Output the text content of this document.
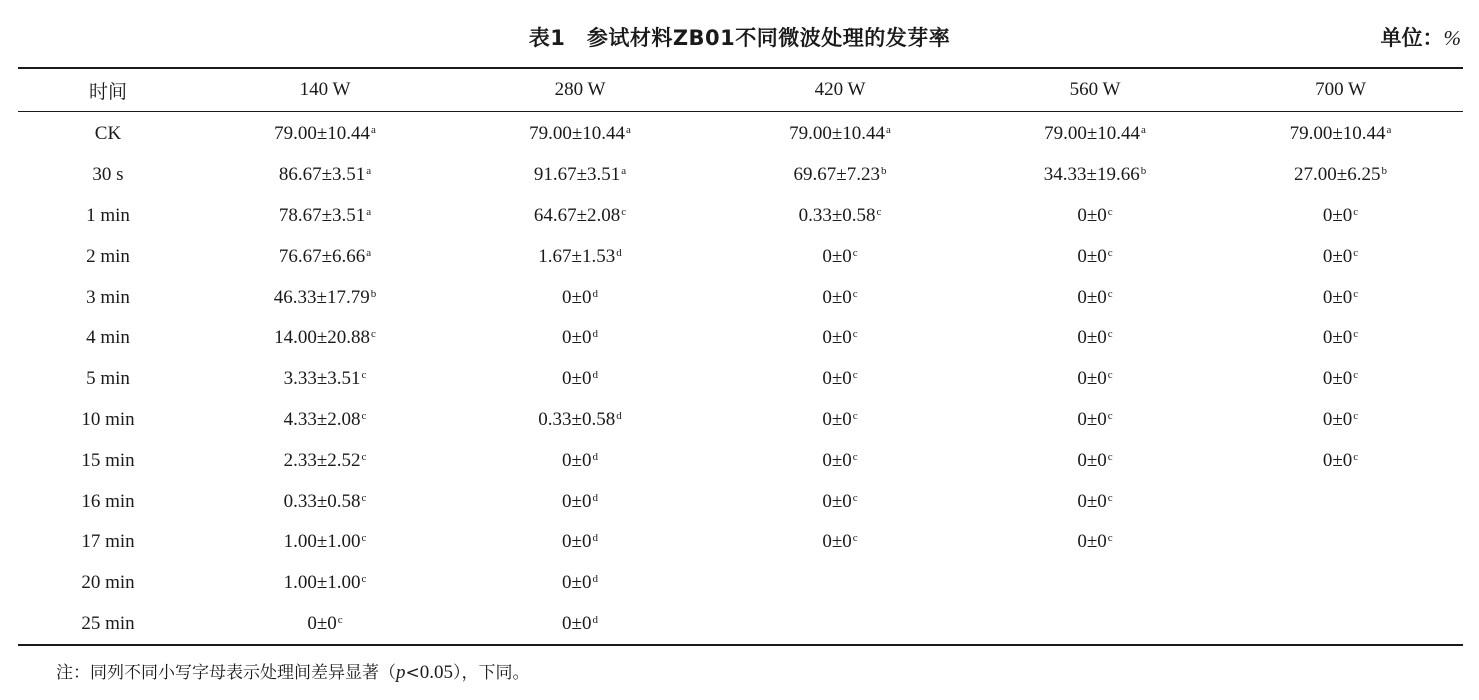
表1　参试材料ZB01不同微波处理的发芽率	单位：%
时间	140 W	280 W	420 W	560 W	700 W
CK	79.00±10.44$^a$	79.00±10.44$^a$	79.00±10.44$^a$	79.00±10.44$^a$	79.00±10.44$^a$
30 s	86.67±3.51$^a$	91.67±3.51$^a$	69.67±7.23$^b$	34.33±19.66$^b$	27.00±6.25$^b$
1 min	78.67±3.51$^a$	64.67±2.08$^c$	0.33±0.58$^c$	$0\pm 0^c$	$0\pm 0^c$
2 min	76.67±6.66$^a$	1.67±1.53$^d$	$0\pm 0^c$	$0\pm 0^c$	$0\pm 0^c$
3 min	46.33±17.79$^b$	$0\pm 0^d$	$0\pm 0^c$	$0\pm 0^c$	$0\pm 0^c$
4 min	14.00±20.88$^c$	$0\pm 0^d$	$0\pm 0^c$	$0\pm 0^c$	$0\pm 0^c$
5 min	3.33±3.51$^c$	$0\pm 0^d$	$0\pm 0^c$	$0\pm 0^c$	$0\pm 0^c$
10 min	4.33±2.08$^c$	0.33±0.58$^d$	$0\pm 0^c$	$0\pm 0^c$	$0\pm 0^c$
15 min	2.33±2.52$^c$	$0\pm 0^d$	$0\pm 0^c$	$0\pm 0^c$	$0\pm 0^c$
16 min	0.33±0.58$^c$	$0\pm 0^d$	$0\pm 0^c$	$0\pm 0^c$	
17 min	1.00±1.00$^c$	$0\pm 0^d$	$0\pm 0^c$	$0\pm 0^c$	
20 min	1.00±1.00$^c$	$0\pm 0^d$			
25 min	$0\pm 0^c$	$0\pm 0^d$			
注：同列不同小写字母表示处理间差异显著（p<0.05），下同。
